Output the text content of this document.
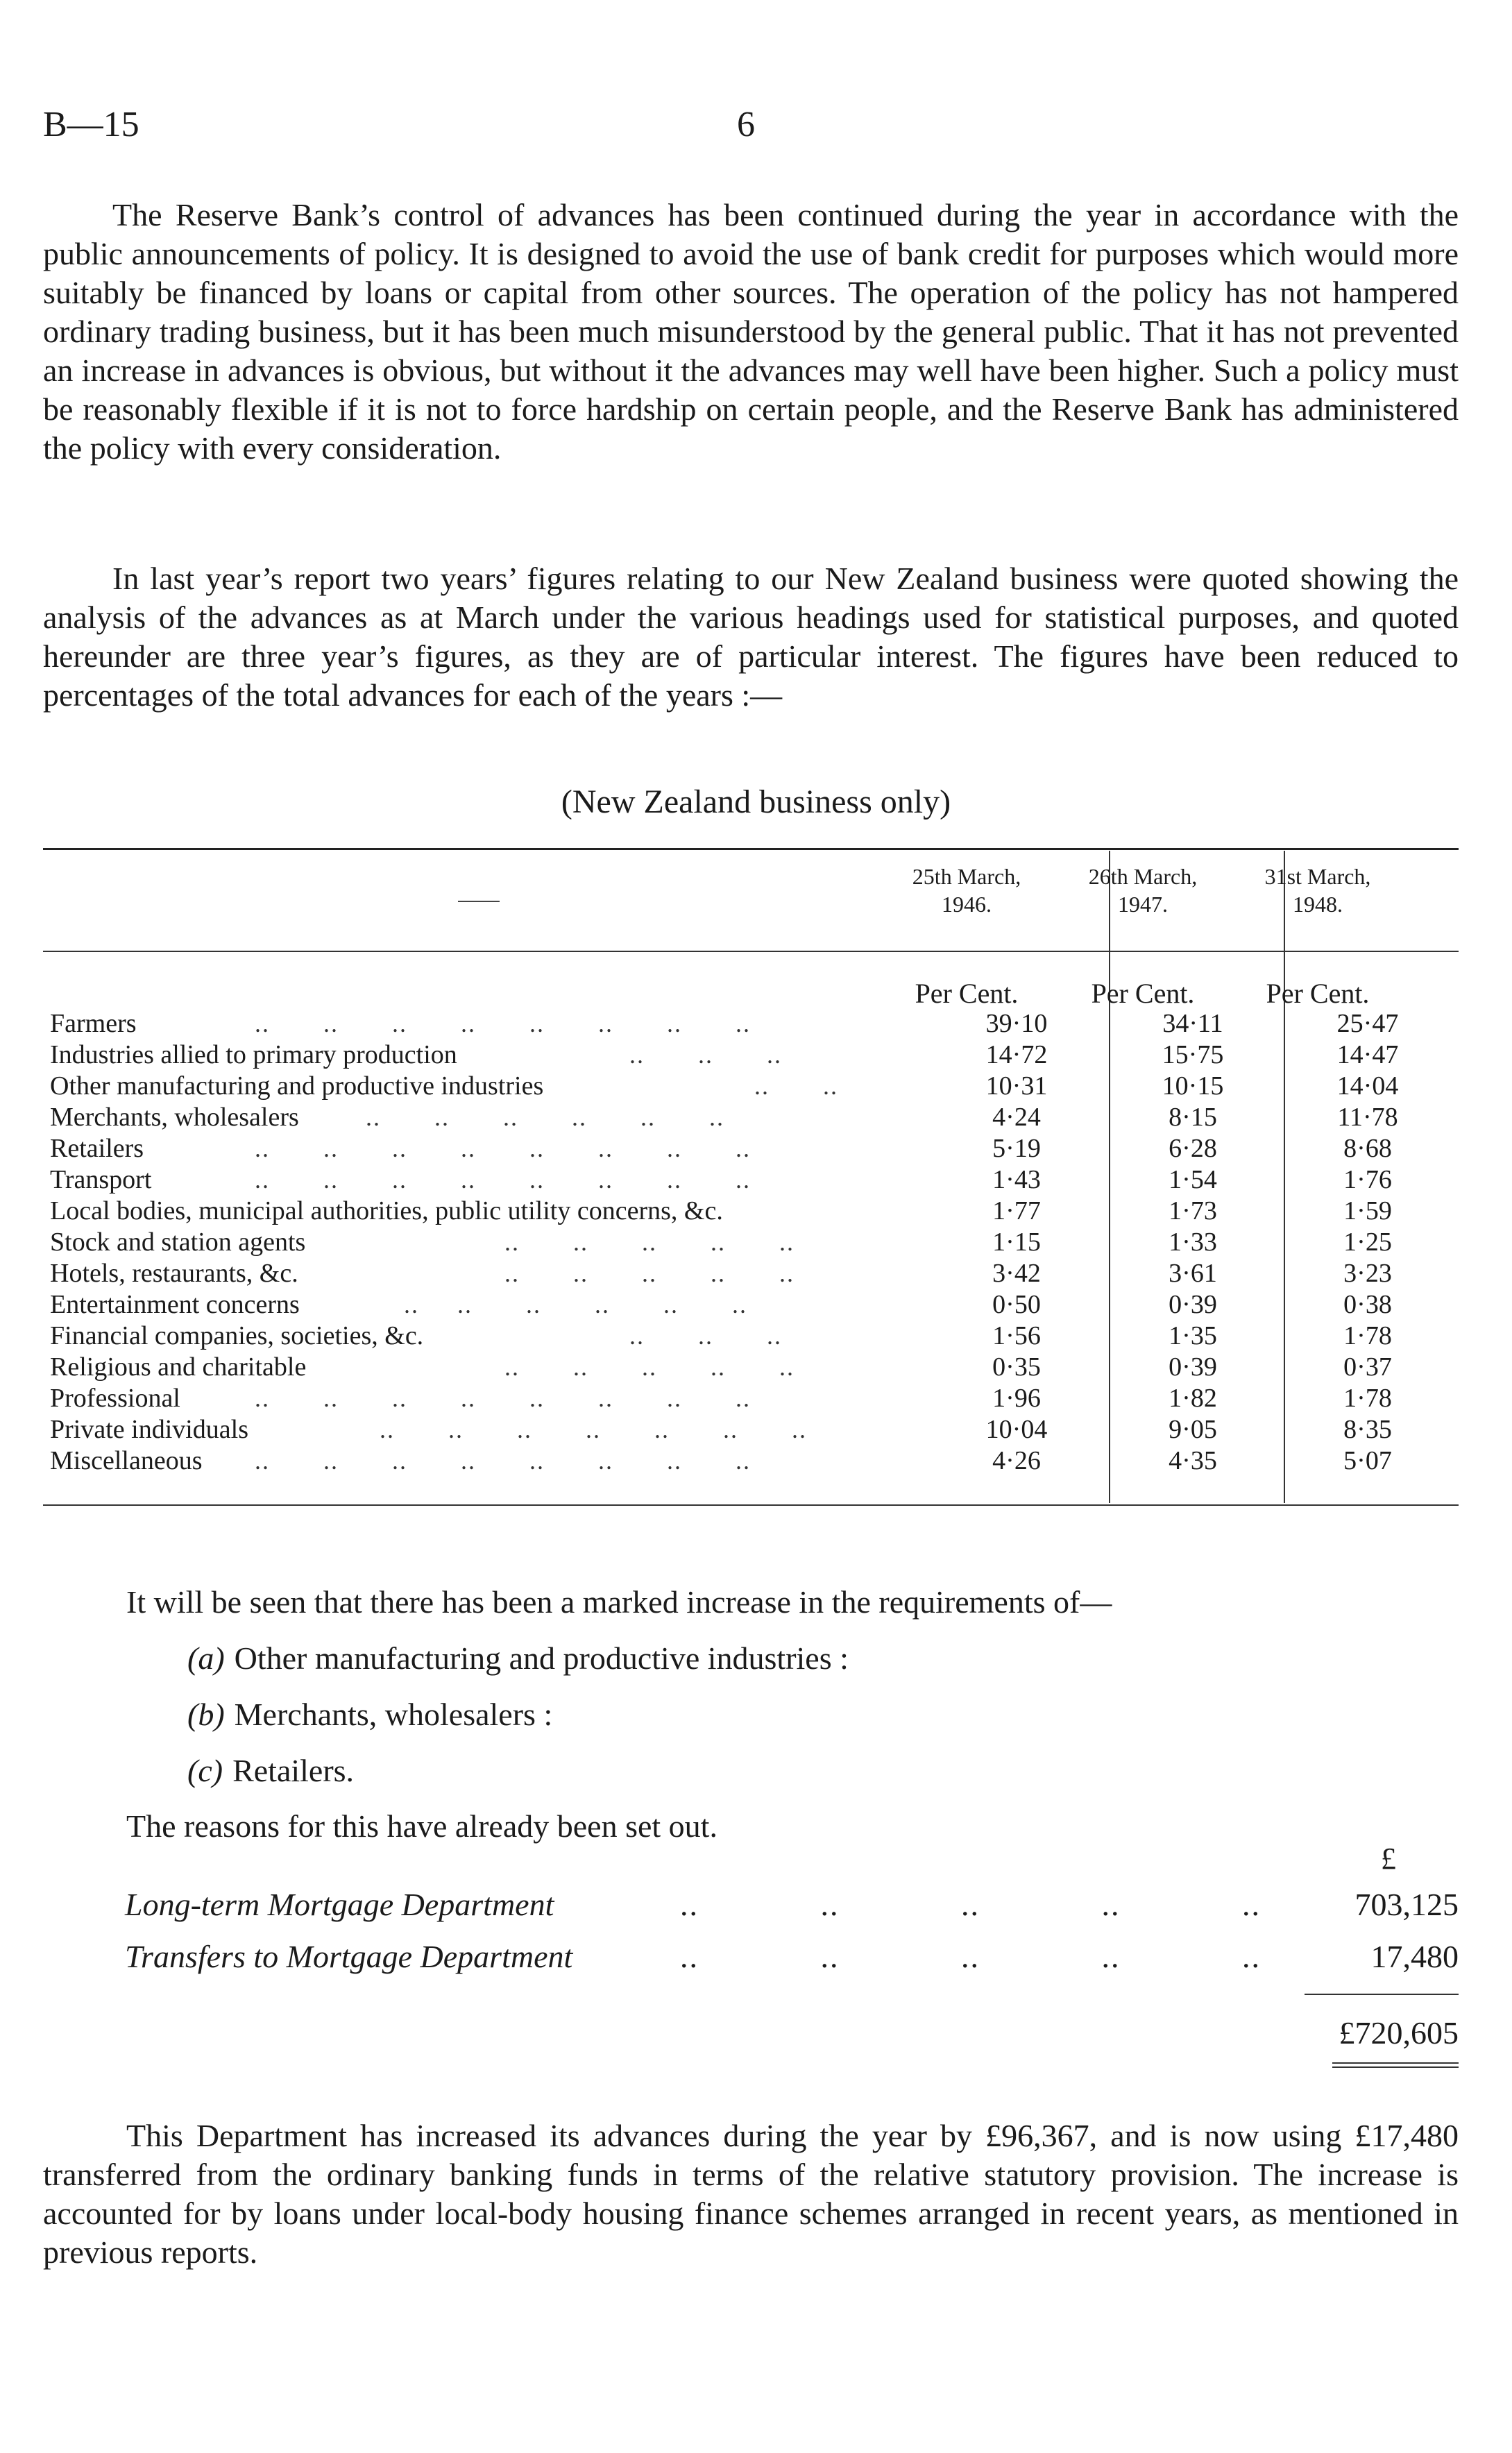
B—15	6

The Reserve Bank’s control of advances has been continued during the year in accordance with the public announcements of policy. It is designed to avoid the use of bank credit for purposes which would more suitably be financed by loans or capital from other sources. The operation of the policy has not hampered ordinary trading business, but it has been much misunderstood by the general public. That it has not prevented an increase in advances is obvious, but without it the advances may well have been higher. Such a policy must be reasonably flexible if it is not to force hardship on certain people, and the Reserve Bank has administered the policy with every consideration.

In last year’s report two years’ figures relating to our New Zealand business were quoted showing the analysis of the advances as at March under the various headings used for statistical purposes, and quoted hereunder are three year’s figures, as they are of particular interest. The figures have been reduced to percentages of the total advances for each of the years :—

(New Zealand business only)
25th March,
1946.
26th March,
1947.
31st March,
1948.
Per Cent.	Per Cent.	Per Cent.
Farmers	..       ..       ..       ..       ..       ..       ..       ..	39·10	34·11	25·47
Industries allied to primary production	..       ..       ..	14·72	15·75	14·47
Other manufacturing and productive industries	..       ..	10·31	10·15	14·04
Merchants, wholesalers	..       ..       ..       ..       ..       ..	4·24	8·15	11·78
Retailers	..       ..       ..       ..       ..       ..       ..       ..	5·19	6·28	8·68
Transport	..       ..       ..       ..       ..       ..       ..       ..	1·43	1·54	1·76
Local bodies, municipal authorities, public utility concerns, &c.	1·77	1·73	1·59
Stock and station agents	..       ..       ..       ..       ..	1·15	1·33	1·25
Hotels, restaurants, &c.	..       ..       ..       ..       ..	3·42	3·61	3·23
Entertainment concerns	..     ..       ..       ..       ..       ..	0·50	0·39	0·38
Financial companies, societies, &c.	..       ..       ..	1·56	1·35	1·78
Religious and charitable	..       ..       ..       ..       ..	0·35	0·39	0·37
Professional	..       ..       ..       ..       ..       ..       ..       ..	1·96	1·82	1·78
Private individuals	..       ..       ..       ..       ..       ..       ..	10·04	9·05	8·35
Miscellaneous ..       ..       ..       ..       ..       ..       ..       ..	4·26	4·35	5·07

It will be seen that there has been a marked increase in the requirements of—

(a) Other manufacturing and productive industries :
(b) Merchants, wholesalers :
(c) Retailers.

The reasons for this have already been set out.

£
Long-term Mortgage Department	..             ..             ..             ..             ..	703,125
Transfers to Mortgage Department	..             ..             ..             ..             ..	17,480
£720,605

This Department has increased its advances during the year by £96,367, and is now using £17,480 transferred from the ordinary banking funds in terms of the relative statutory provision. The increase is accounted for by loans under local-body housing finance schemes arranged in recent years, as mentioned in previous reports.
